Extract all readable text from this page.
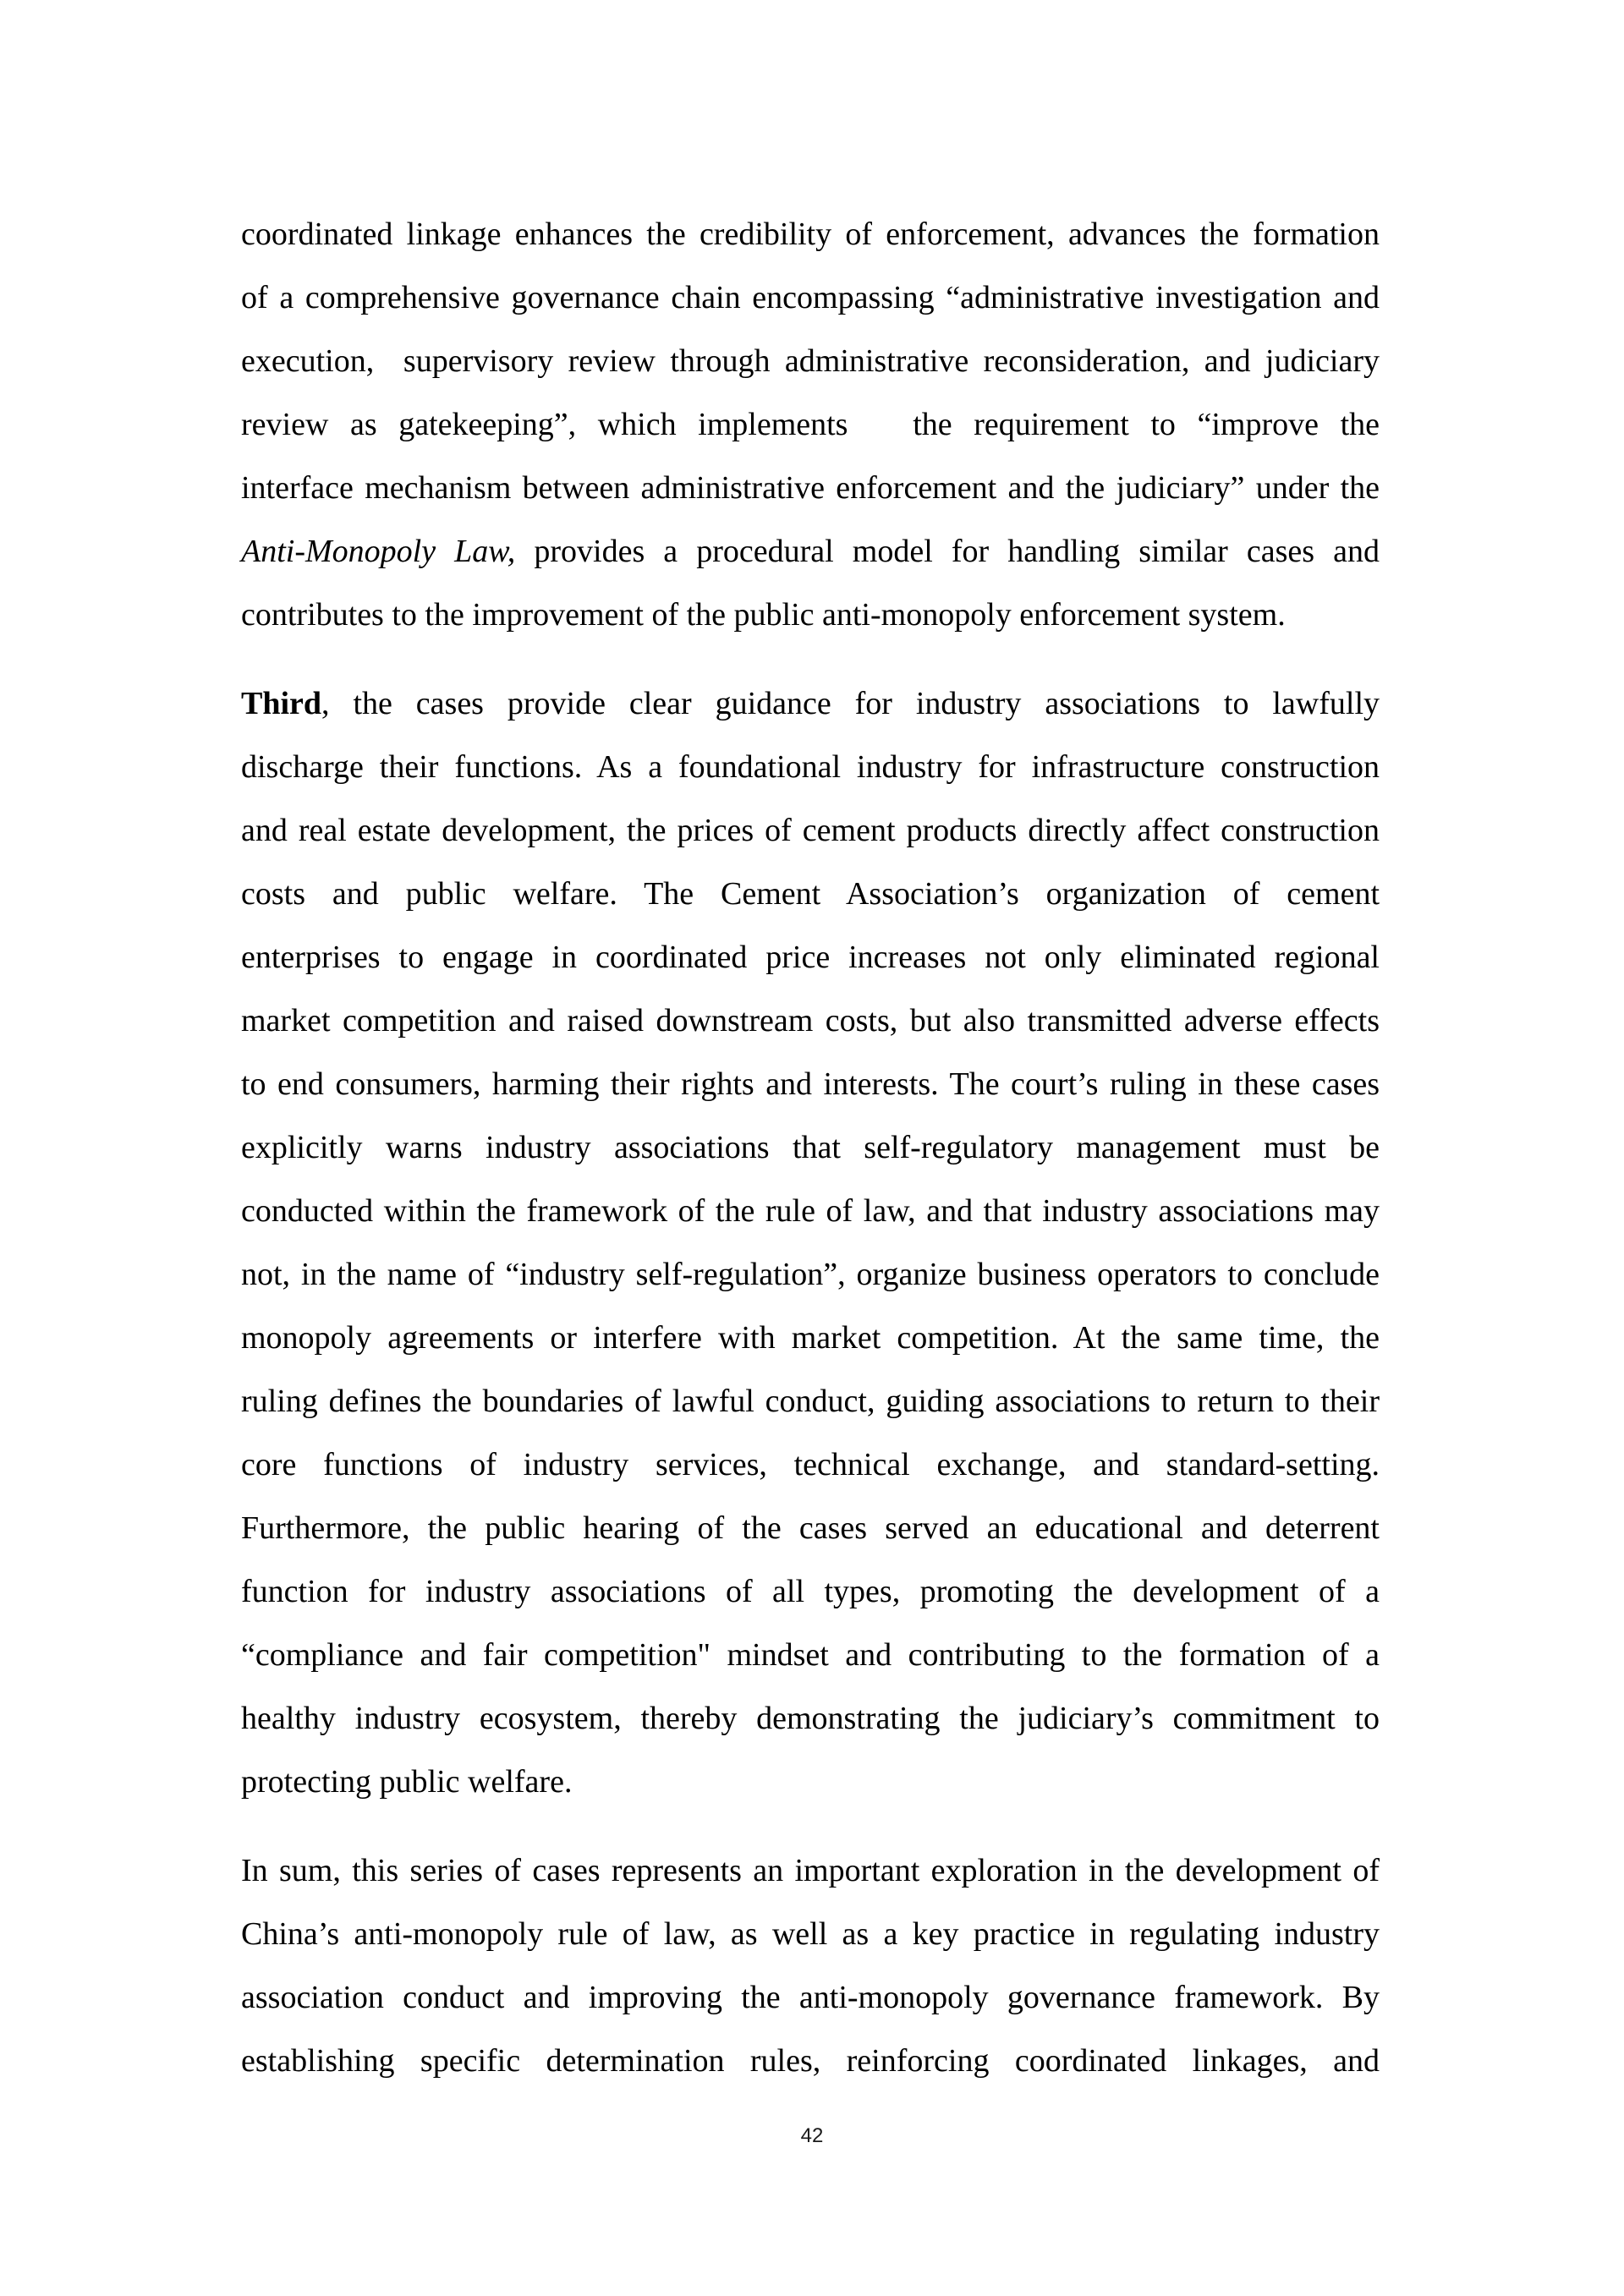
coordinated linkage enhances the credibility of enforcement, advances the formation
of a comprehensive governance chain encompassing “administrative investigation and
execution,  supervisory review through administrative reconsideration, and judiciary
review as gatekeeping”, which implements   the requirement to “improve the
interface mechanism between administrative enforcement and the judiciary” under the
Anti-Monopoly Law, provides a procedural model for handling similar cases and
contributes to the improvement of the public anti-monopoly enforcement system.
Third, the cases provide clear guidance for industry associations to lawfully
discharge their functions. As a foundational industry for infrastructure construction
and real estate development, the prices of cement products directly affect construction
costs and public welfare. The Cement Association’s organization of cement
enterprises to engage in coordinated price increases not only eliminated regional
market competition and raised downstream costs, but also transmitted adverse effects
to end consumers, harming their rights and interests. The court’s ruling in these cases
explicitly warns industry associations that self-regulatory management must be
conducted within the framework of the rule of law, and that industry associations may
not, in the name of “industry self-regulation”, organize business operators to conclude
monopoly agreements or interfere with market competition. At the same time, the
ruling defines the boundaries of lawful conduct, guiding associations to return to their
core functions of industry services, technical exchange, and standard-setting.
Furthermore, the public hearing of the cases served an educational and deterrent
function for industry associations of all types, promoting the development of a
“compliance and fair competition" mindset and contributing to the formation of a
healthy industry ecosystem, thereby demonstrating the judiciary’s commitment to
protecting public welfare.
In sum, this series of cases represents an important exploration in the development of
China’s anti-monopoly rule of law, as well as a key practice in regulating industry
association conduct and improving the anti-monopoly governance framework. By
establishing specific determination rules, reinforcing coordinated linkages, and
42
